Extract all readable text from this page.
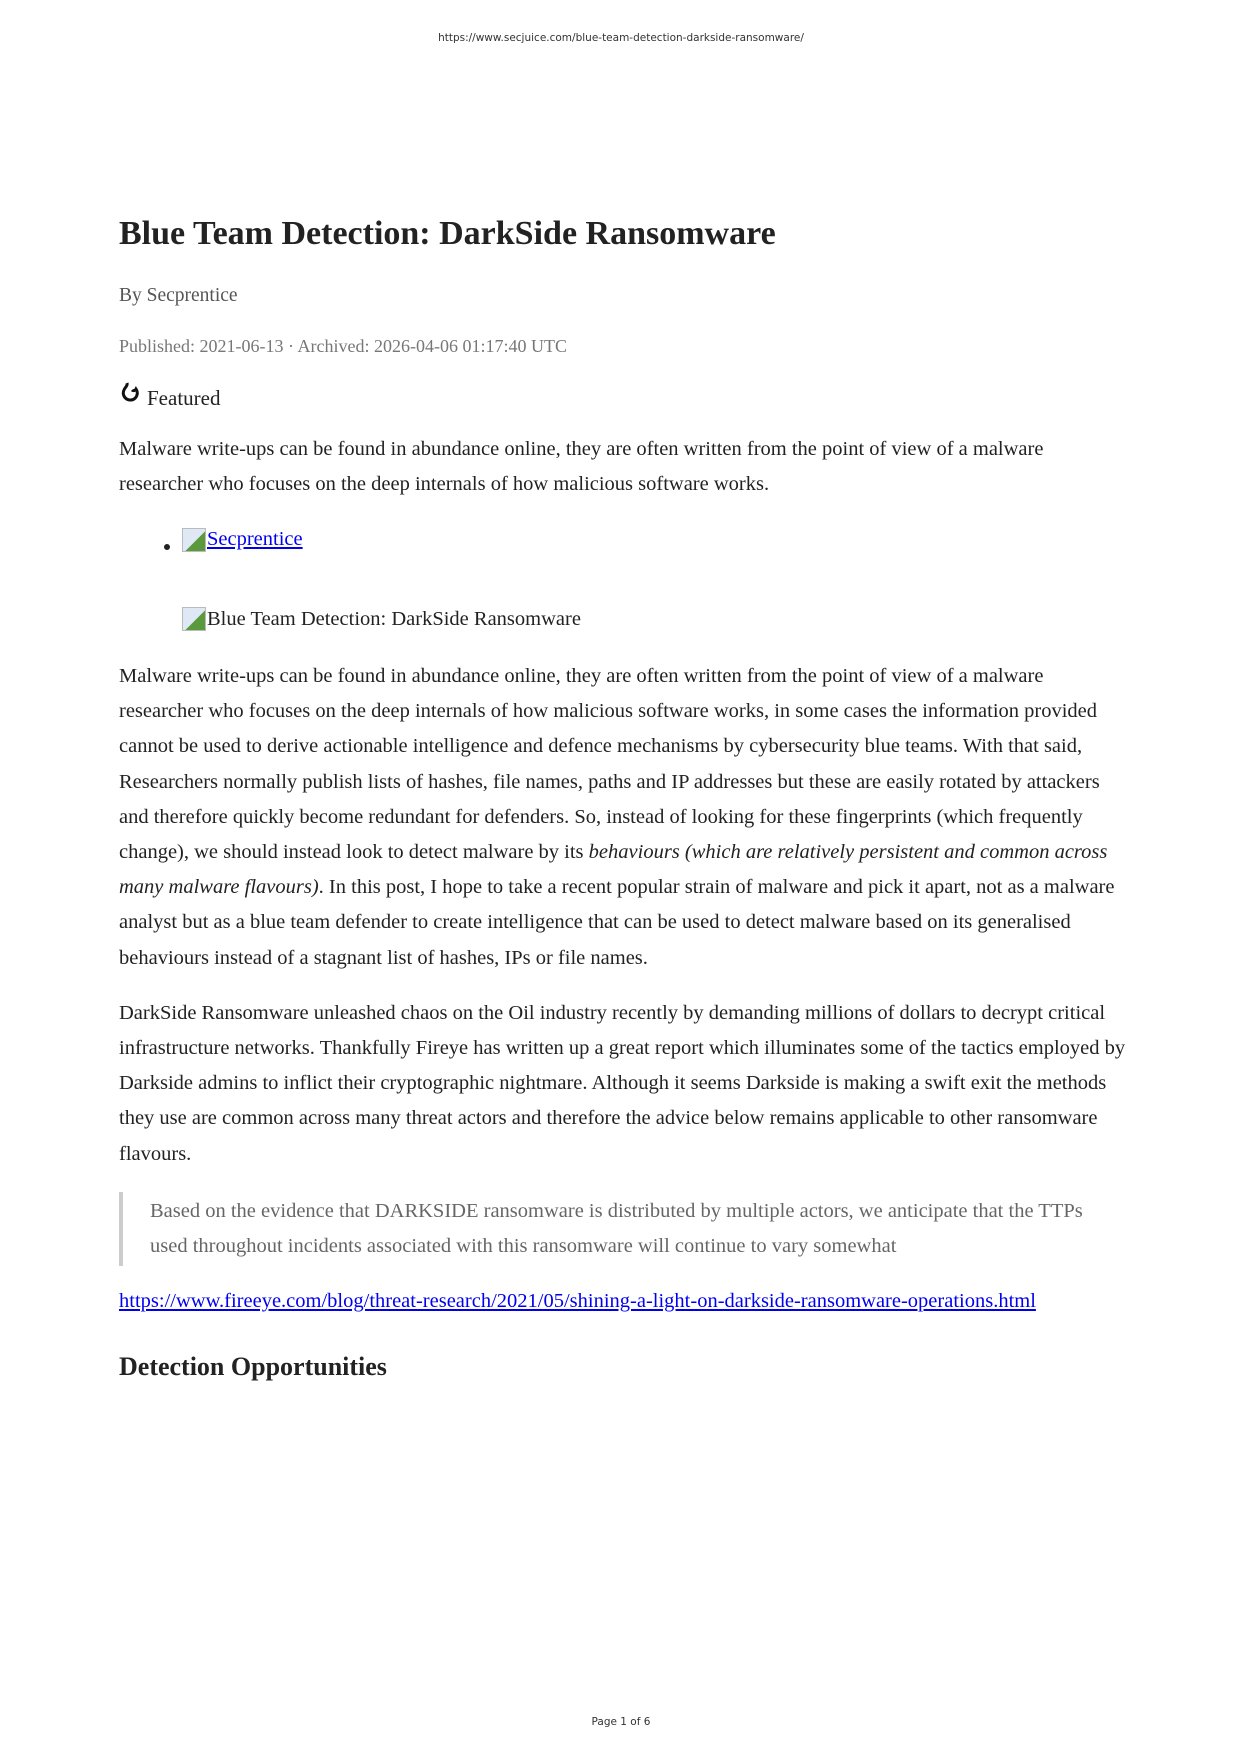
https://www.secjuice.com/blue-team-detection-darkside-ransomware/
Blue Team Detection: DarkSide Ransomware
By Secprentice
Published: 2021-06-13 · Archived: 2026-04-06 01:17:40 UTC
Featured

Malware write-ups can be found in abundance online, they are often written from the point of view of a malware researcher who focuses on the deep internals of how malicious software works.

• Secprentice
Blue Team Detection: DarkSide Ransomware

Malware write-ups can be found in abundance online, they are often written from the point of view of a malware researcher who focuses on the deep internals of how malicious software works, in some cases the information provided cannot be used to derive actionable intelligence and defence mechanisms by cybersecurity blue teams. With that said, Researchers normally publish lists of hashes, file names, paths and IP addresses but these are easily rotated by attackers and therefore quickly become redundant for defenders. So, instead of looking for these fingerprints (which frequently change), we should instead look to detect malware by its behaviours (which are relatively persistent and common across many malware flavours). In this post, I hope to take a recent popular strain of malware and pick it apart, not as a malware analyst but as a blue team defender to create intelligence that can be used to detect malware based on its generalised behaviours instead of a stagnant list of hashes, IPs or file names.

DarkSide Ransomware unleashed chaos on the Oil industry recently by demanding millions of dollars to decrypt critical infrastructure networks. Thankfully Fireye has written up a great report which illuminates some of the tactics employed by Darkside admins to inflict their cryptographic nightmare. Although it seems Darkside is making a swift exit the methods they use are common across many threat actors and therefore the advice below remains applicable to other ransomware flavours.

Based on the evidence that DARKSIDE ransomware is distributed by multiple actors, we anticipate that the TTPs used throughout incidents associated with this ransomware will continue to vary somewhat

https://www.fireeye.com/blog/threat-research/2021/05/shining-a-light-on-darkside-ransomware-operations.html

Detection Opportunities
Page 1 of 6
